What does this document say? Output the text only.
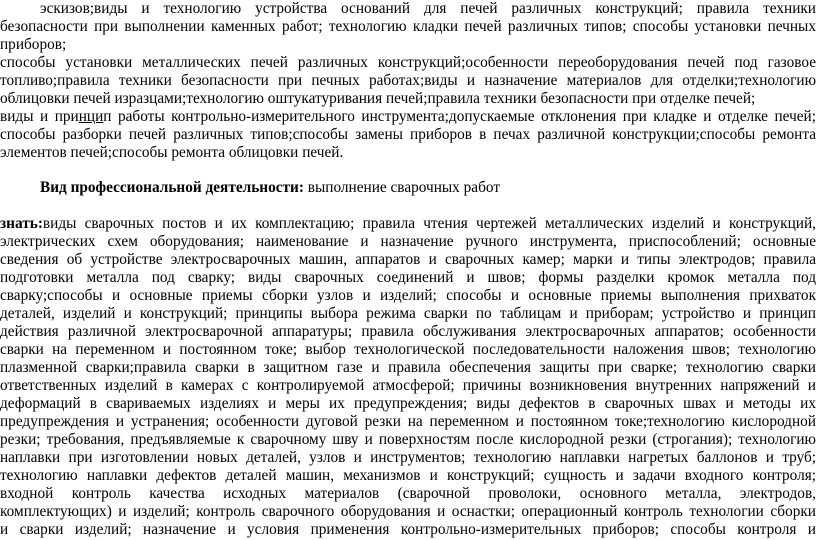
эскизов;виды и технологию устройства оснований для печей различных конструкций; правила техники
безопасности при выполнении каменных работ; технологию кладки печей различных типов; способы установки печных
приборов;
способы установки металлических печей различных конструкций;особенности переоборудования печей под газовое
топливо;правила техники безопасности при печных работах;виды и назначение материалов для отделки;технологию
облицовки печей изразцами;технологию оштукатуривания печей;правила техники безопасности при отделке печей;
виды и принцип работы контрольно-измерительного инструмента;допускаемые отклонения при кладке и отделке печей;
способы разборки печей различных типов;способы замены приборов в печах различной конструкции;способы ремонта
элементов печей;способы ремонта облицовки печей.
Вид профессиональной деятельности: выполнение сварочных работ
знать:виды сварочных постов и их комплектацию; правила чтения чертежей металлических изделий и конструкций,
электрических схем оборудования; наименование и назначение ручного инструмента, приспособлений; основные
сведения об устройстве электросварочных машин, аппаратов и сварочных камер; марки и типы электродов; правила
подготовки металла под сварку; виды сварочных соединений и швов; формы разделки кромок металла под
сварку;способы и основные приемы сборки узлов и изделий; способы и основные приемы выполнения прихваток
деталей, изделий и конструкций; принципы выбора режима сварки по таблицам и приборам; устройство и принцип
действия различной электросварочной аппаратуры; правила обслуживания электросварочных аппаратов; особенности
сварки на переменном и постоянном токе; выбор технологической последовательности наложения швов; технологию
плазменной сварки;правила сварки в защитном газе и правила обеспечения защиты при сварке; технологию сварки
ответственных изделий в камерах с контролируемой атмосферой; причины возникновения внутренних напряжений и
деформаций в свариваемых изделиях и меры их предупреждения; виды дефектов в сварочных швах и методы их
предупреждения и устранения; особенности дуговой резки на переменном и постоянном токе;технологию кислородной
резки; требования, предъявляемые к сварочному шву и поверхностям после кислородной резки (строгания); технологию
наплавки при изготовлении новых деталей, узлов и инструментов; технологию наплавки нагретых баллонов и труб;
технологию наплавки дефектов деталей машин, механизмов и конструкций; сущность и задачи входного контроля;
входной контроль качества исходных материалов (сварочной проволоки, основного металла, электродов,
комплектующих) и изделий; контроль сварочного оборудования и оснастки; операционный контроль технологии сборки
и сварки изделий; назначение и условия применения контрольно-измерительных приборов; способы контроля и
